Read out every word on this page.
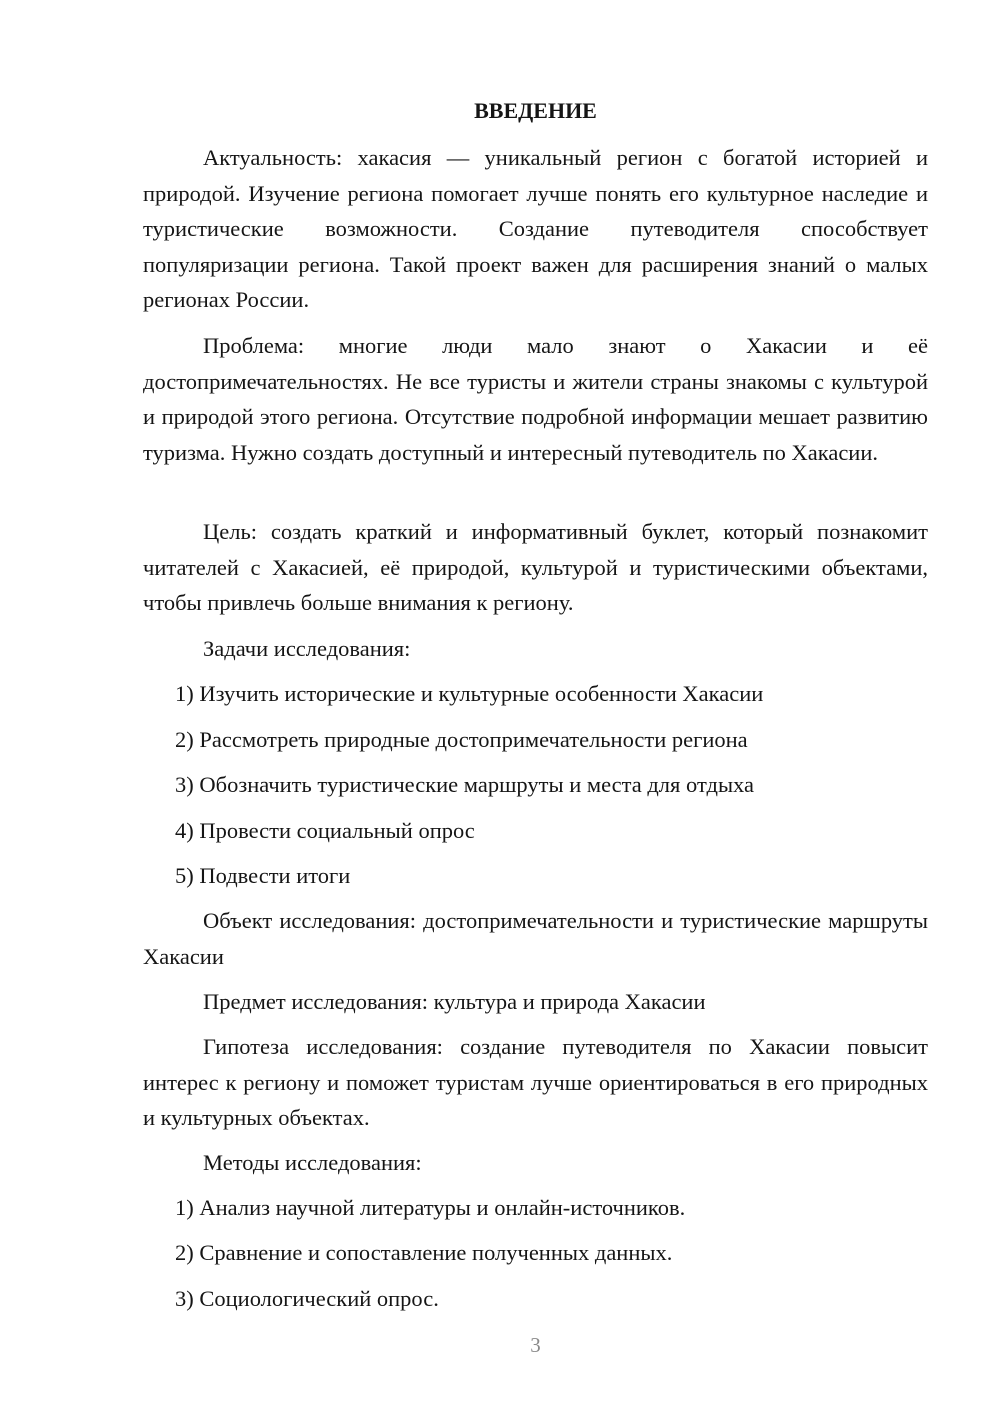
ВВЕДЕНИЕ

Актуальность: хакасия — уникальный регион с богатой историей и природой. Изучение региона помогает лучше понять его культурное наследие и туристические возможности. Создание путеводителя способствует популяризации региона. Такой проект важен для расширения знаний о малых регионах России.

Проблема: многие люди мало знают о Хакасии и её достопримечательностях. Не все туристы и жители страны знакомы с культурой и природой этого региона. Отсутствие подробной информации мешает развитию туризма. Нужно создать доступный и интересный путеводитель по Хакасии.

Цель: создать краткий и информативный буклет, который познакомит читателей с Хакасией, её природой, культурой и туристическими объектами, чтобы привлечь больше внимания к региону.

Задачи исследования:

1) Изучить исторические и культурные особенности Хакасии

2) Рассмотреть природные достопримечательности региона

3) Обозначить туристические маршруты и места для отдыха

4) Провести социальный опрос

5) Подвести итоги

Объект исследования: достопримечательности и туристические маршруты Хакасии

Предмет исследования: культура и природа Хакасии

Гипотеза исследования: создание путеводителя по Хакасии повысит интерес к региону и поможет туристам лучше ориентироваться в его природных и культурных объектах.

Методы исследования:

1) Анализ научной литературы и онлайн-источников.

2) Сравнение и сопоставление полученных данных.

3) Социологический опрос.

3
